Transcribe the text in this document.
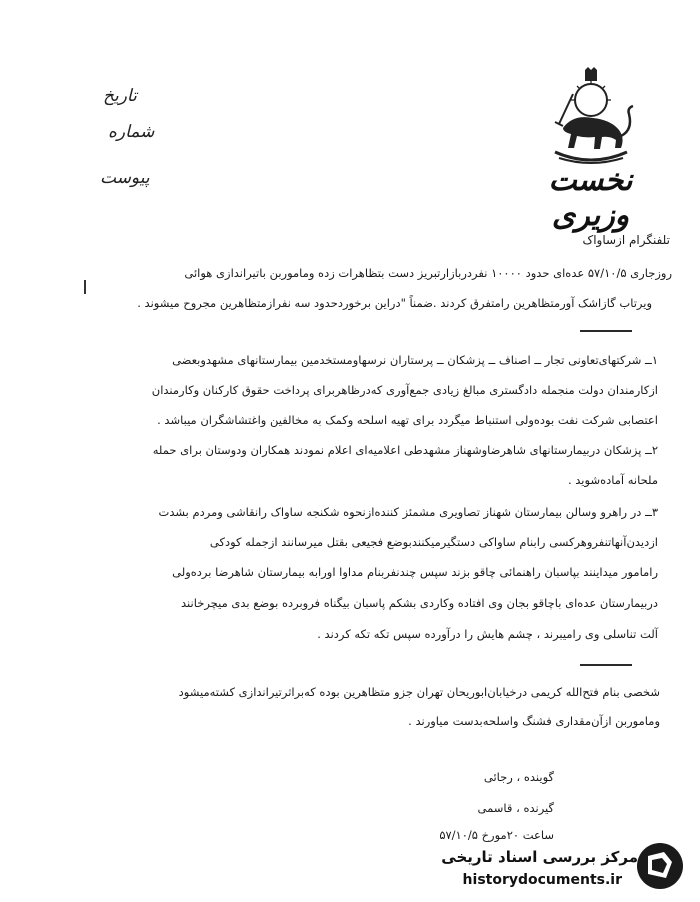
تاریخ
شماره
پیوست	نخست وزیری
تلفنگرام ازساواک
روزجاری ۵۷/۱۰/۵ عده‌ای حدود ۱۰۰۰۰ نفردربازارتبریز دست بتظاهرات زده وماموربن باتیراندازی هوائی
ویرتاب گازاشک آورمتظاهرین رامتفرق کردند .ضمناً "دراین برخوردحدود سه نفرازمتظاهرین مجروح میشوند .
۱ــ شرکتهای‌تعاونی تجار ــ اصناف ــ پزشکان ــ پرستاران نرسهاومستخدمین بیمارستانهای مشهدوبعضی
ازکارمندان دولت منجمله دادگستری مبالغ زیادی جمع‌آوری که‌درظاهربرای پرداخت حقوق کارکنان وکارمندان
اعتصابی شرکت نفت بوده‌ولی استنباط میگردد برای تهیه اسلحه وکمک به مخالفین واغتشاشگران میباشد .
۲ــ پزشکان دربیمارستانهای شاهرضاوشهناز مشهدطی اعلامیه‌ای اعلام نمودند همکاران ودوستان برای حمله
ملحانه آماده‌شوید .
۳ــ در راهرو وسالن بیمارستان شهناز تصاویری مشمئز کننده‌ازنحوه شکنجه ساواک رانقاشی ومردم بشدت
ازدیدن‌آنهاتنفروهرکسی رابنام ساواکی دستگیرمیکنندبوضع فجیعی بقتل میرسانند ازجمله کودکی
رامامور میداینند بپاسبان راهنمائی چاقو بزند سپس چندنفربنام مداوا اورابه بیمارستان شاهرضا برده‌ولی
دربیمارستان عده‌ای باچاقو بجان وی افتاده وکاردی بشکم پاسبان بیگناه فروبرده بوضع بدی میچرخانند
آلت تناسلی وی رامیبرند ، چشم هایش را درآورده سپس تکه تکه کردند .
شخصی بنام فتح‌الله کریمی درخیابان‌ابوریحان تهران جزو متظاهرین بوده که‌براثرتیراندازی کشته‌میشود
وماموربن ازآن‌مقداری فشنگ واسلحه‌بدست میاورند .
گوینده ، رجائی
گیرنده ، قاسمی
ساعت ۲۰مورخ ۵۷/۱۰/۵
مرکز بررسی اسناد تاریخی
historydocuments.ir
